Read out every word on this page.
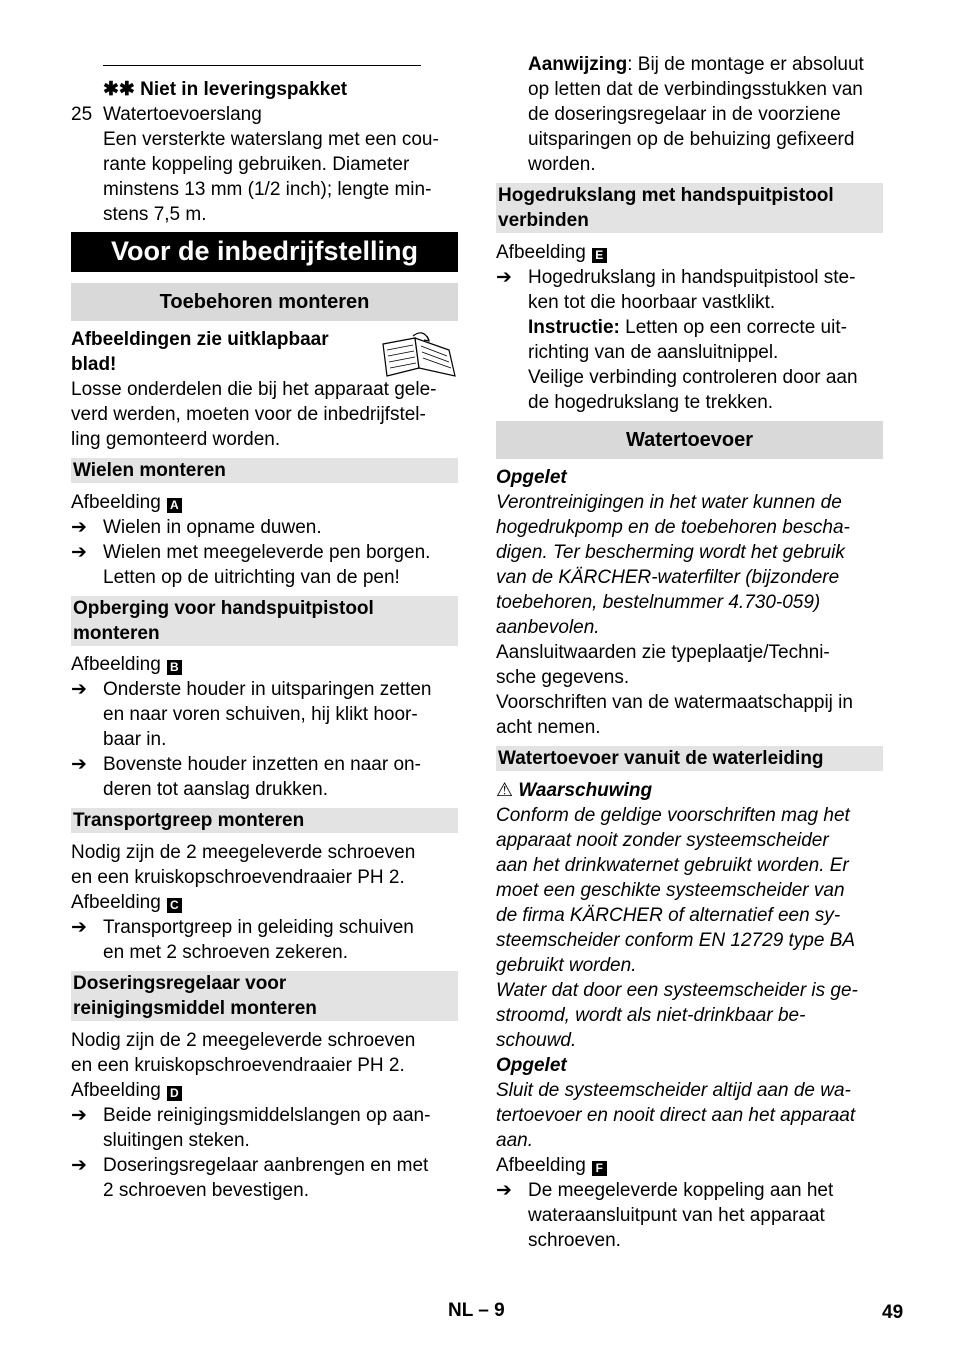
✱✱ Niet in leveringspakket

25 Watertoevoerslang

Een versterkte waterslang met een cou-

rante koppeling gebruiken. Diameter

minstens 13 mm (1/2 inch); lengte min-

stens 7,5 m.

Voor de inbedrijfstelling
Toebehoren monteren

Afbeeldingen zie uitklapbaar
blad!

Losse onderdelen die bij het apparaat gele-

verd werden, moeten voor de inbedrijfstel-

ling gemonteerd worden.

Wielen monteren

Afbeelding A

➔ Wielen in opname duwen.

➔ Wielen met meegeleverde pen borgen.

Letten op de uitrichting van de pen!

Opberging voor handspuitpistool
monteren

Afbeelding B

➔ Onderste houder in uitsparingen zetten

en naar voren schuiven, hij klikt hoor-

baar in.

➔ Bovenste houder inzetten en naar on-

deren tot aanslag drukken.

Transportgreep monteren

Nodig zijn de 2 meegeleverde schroeven

en een kruiskopschroevendraaier PH 2.

Afbeelding C

➔ Transportgreep in geleiding schuiven

en met 2 schroeven zekeren.

Doseringsregelaar voor
reinigingsmiddel monteren

Nodig zijn de 2 meegeleverde schroeven

en een kruiskopschroevendraaier PH 2.

Afbeelding D

➔ Beide reinigingsmiddelslangen op aan-

sluitingen steken.

➔ Doseringsregelaar aanbrengen en met

2 schroeven bevestigen.

Aanwijzing: Bij de montage er absoluut

op letten dat de verbindingsstukken van

de doseringsregelaar in de voorziene

uitsparingen op de behuizing gefixeerd

worden.

Hogedrukslang met handspuitpistool
verbinden

Afbeelding E

➔ Hogedrukslang in handspuitpistool ste-

ken tot die hoorbaar vastklikt.

Instructie: Letten op een correcte uit-

richting van de aansluitnippel.

Veilige verbinding controleren door aan

de hogedrukslang te trekken.

Watertoevoer

Opgelet

Verontreinigingen in het water kunnen de

hogedrukpomp en de toebehoren bescha-

digen. Ter bescherming wordt het gebruik

van de KÄRCHER-waterfilter (bijzondere

toebehoren, bestelnummer 4.730-059)

aanbevolen.

Aansluitwaarden zie typeplaatje/Techni-

sche gegevens.

Voorschriften van de watermaatschappij in

acht nemen.

Watertoevoer vanuit de waterleiding

⚠ Waarschuwing

Conform de geldige voorschriften mag het

apparaat nooit zonder systeemscheider

aan het drinkwaternet gebruikt worden. Er

moet een geschikte systeemscheider van

de firma KÄRCHER of alternatief een sy-

steemscheider conform EN 12729 type BA

gebruikt worden.

Water dat door een systeemscheider is ge-

stroomd, wordt als niet-drinkbaar be-

schouwd.

Opgelet

Sluit de systeemscheider altijd aan de wa-

tertoevoer en nooit direct aan het apparaat

aan.

Afbeelding F

➔ De meegeleverde koppeling aan het

wateraansluitpunt van het apparaat

schroeven.

NL – 9	49
